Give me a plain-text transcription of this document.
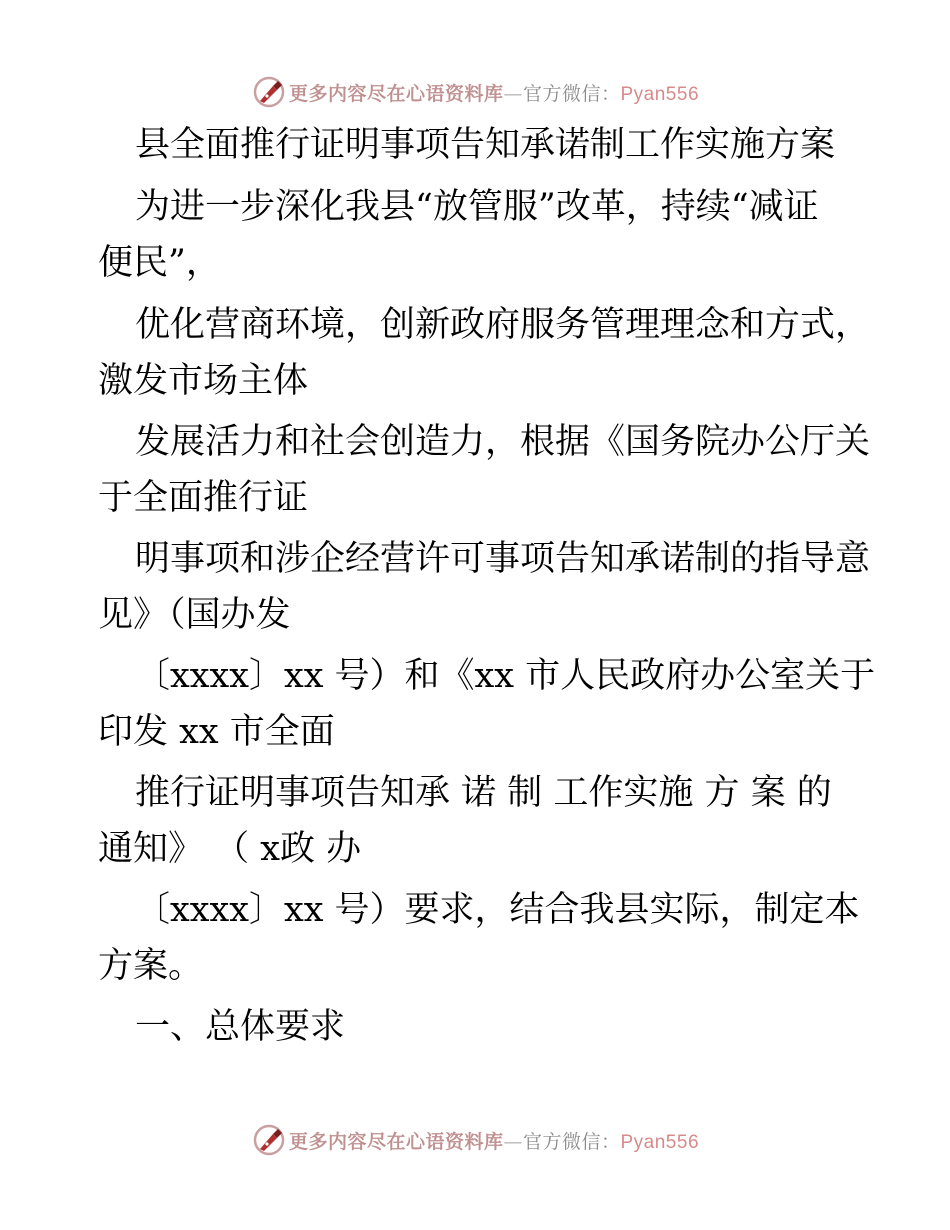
更多内容尽在心语资料库—官方微信：Pyan556
县全面推行证明事项告知承诺制工作实施方案
为进一步深化我县“放管服”改革，持续“减证
便民”，
优化营商环境，创新政府服务管理理念和方式，
激发市场主体
发展活力和社会创造力，根据《国务院办公厅关
于全面推行证
明事项和涉企经营许可事项告知承诺制的指导意
见》（国办发
〔xxxx〕xx 号）和《xx 市人民政府办公室关于
印发 xx 市全面
推行证明事项告知承 诺 制 工作实施 方 案 的
通知》 （ x政 办
〔xxxx〕xx 号）要求，结合我县实际，制定本
方案。
一、总体要求
更多内容尽在心语资料库—官方微信：Pyan556
